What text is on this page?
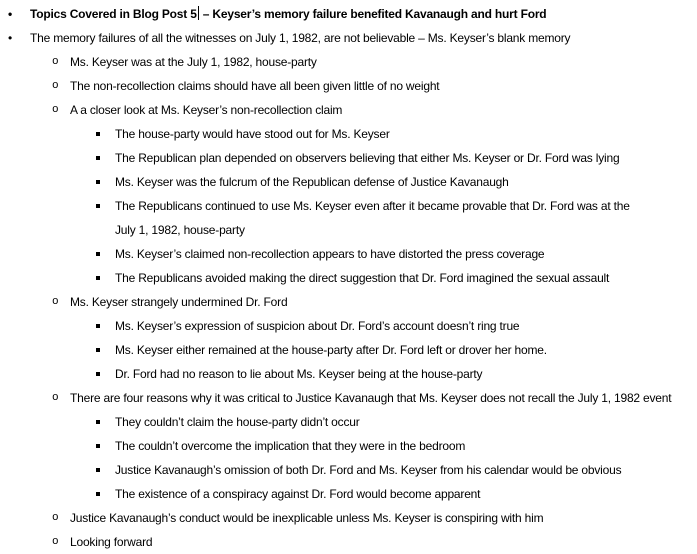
• Topics Covered in Blog Post 5 – Keyser’s memory failure benefited Kavanaugh and hurt Ford
• The memory failures of all the witnesses on July 1, 1982, are not believable – Ms. Keyser’s blank memory
o Ms. Keyser was at the July 1, 1982, house-party
o The non-recollection claims should have all been given little of no weight
o A a closer look at Ms. Keyser’s non-recollection claim
The house-party would have stood out for Ms. Keyser
The Republican plan depended on observers believing that either Ms. Keyser or Dr. Ford was lying
Ms. Keyser was the fulcrum of the Republican defense of Justice Kavanaugh
The Republicans continued to use Ms. Keyser even after it became provable that Dr. Ford was at the
July 1, 1982, house-party
Ms. Keyser’s claimed non-recollection appears to have distorted the press coverage
The Republicans avoided making the direct suggestion that Dr. Ford imagined the sexual assault
o Ms. Keyser strangely undermined Dr. Ford
Ms. Keyser’s expression of suspicion about Dr. Ford’s account doesn’t ring true
Ms. Keyser either remained at the house-party after Dr. Ford left or drover her home.
Dr. Ford had no reason to lie about Ms. Keyser being at the house-party
o There are four reasons why it was critical to Justice Kavanaugh that Ms. Keyser does not recall the July 1, 1982 event
They couldn’t claim the house-party didn’t occur
The couldn’t overcome the implication that they were in the bedroom
Justice Kavanaugh’s omission of both Dr. Ford and Ms. Keyser from his calendar would be obvious
The existence of a conspiracy against Dr. Ford would become apparent
o Justice Kavanaugh’s conduct would be inexplicable unless Ms. Keyser is conspiring with him
o Looking forward
